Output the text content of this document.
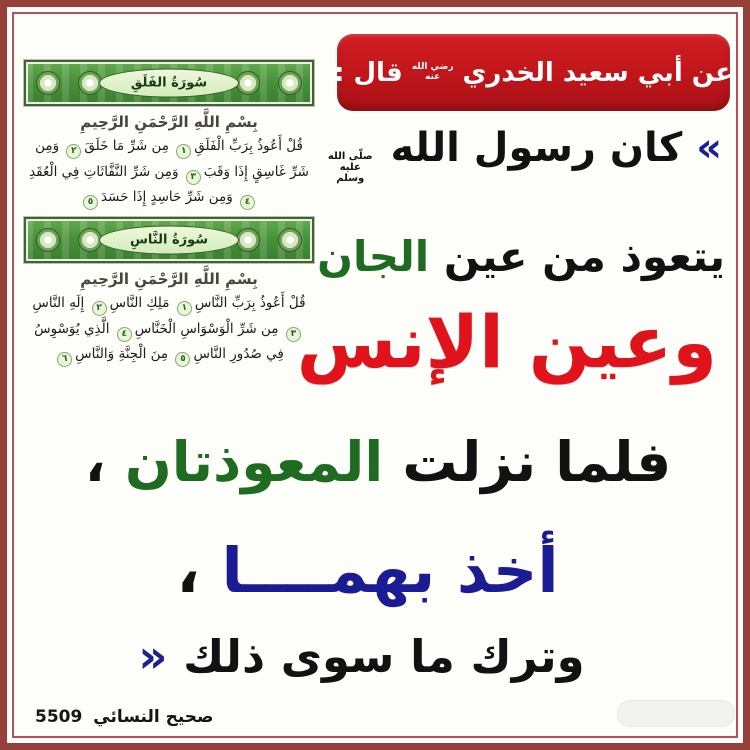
عن أبي سعيد الخدري
رضي الله
عنه
قال :
سُورَةُ الفَلَقِ
بِسْمِ اللَّهِ الرَّحْمَنِ الرَّحِيمِ

قُلْ أَعُوذُ بِرَبِّ الْفَلَقِ١ مِن شَرِّ مَا خَلَقَ٢ وَمِن شَرِّ غَاسِقٍ إِذَا وَقَبَ٣ وَمِن شَرِّ النَّفَّاثَاتِ فِي الْعُقَدِ٤ وَمِن شَرِّ حَاسِدٍ إِذَا حَسَدَ٥

سُورَةُ النَّاسِ
بِسْمِ اللَّهِ الرَّحْمَنِ الرَّحِيمِ

قُلْ أَعُوذُ بِرَبِّ النَّاسِ١ مَلِكِ النَّاسِ٢ إِلَهِ النَّاسِ٣ مِن شَرِّ الْوَسْوَاسِ الْخَنَّاسِ٤ الَّذِي يُوَسْوِسُ فِي صُدُورِ النَّاسِ٥ مِنَ الْجِنَّةِ وَالنَّاسِ٦

» كان رسول الله
صلّى الله
عليه
وسلم
يتعوذ من عين الجان
وعين الإنس
فلما نزلت المعوذتان ،
أخذ بهمــــا ،
وترك ما سوى ذلك «
صحيح النسائي 5509
